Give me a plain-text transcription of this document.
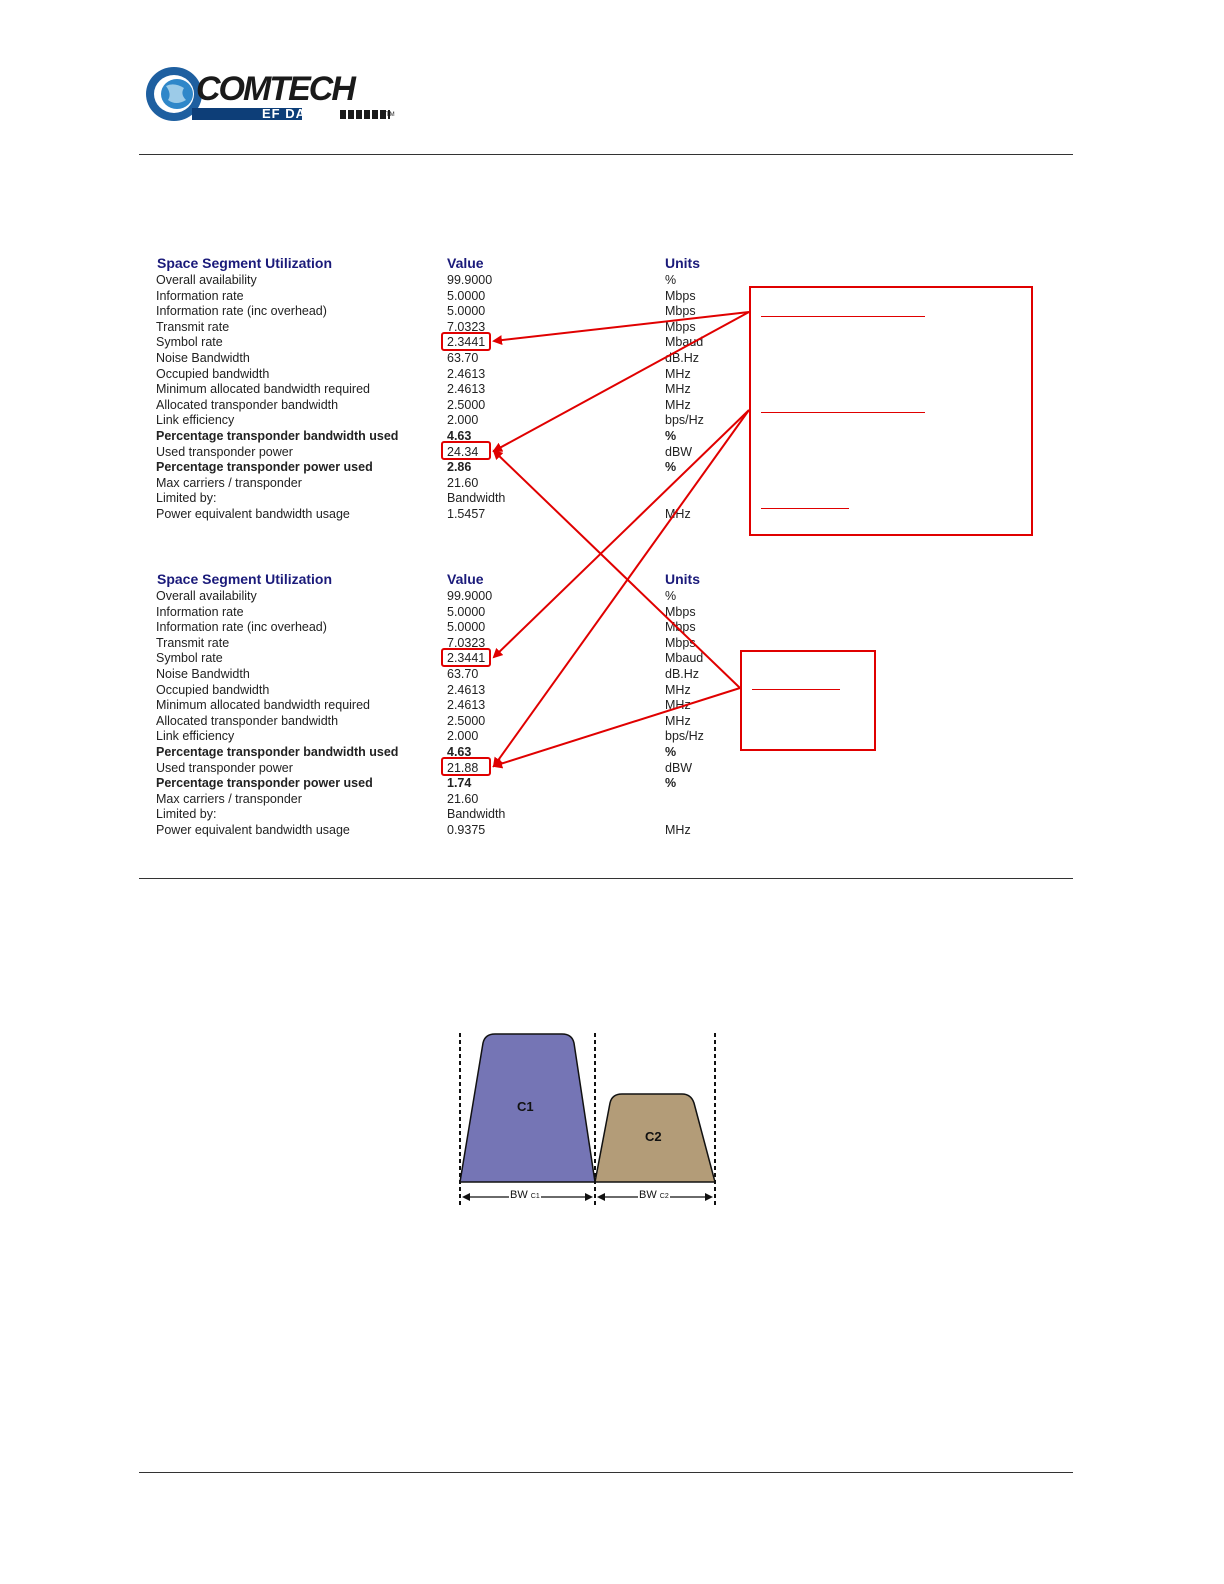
COMTECH
EF DATA	TM
Space Segment Utilization	Value	Units
Overall availability	99.9000	%
Information rate	5.0000	Mbps
Information rate (inc overhead)	5.0000	Mbps
Transmit rate	7.0323	Mbps
Symbol rate	2.3441	Mbaud
Noise Bandwidth	63.70	dB.Hz
Occupied bandwidth	2.4613	MHz
Minimum allocated bandwidth required	2.4613	MHz
Allocated transponder bandwidth	2.5000	MHz
Link efficiency	2.000	bps/Hz
Percentage transponder bandwidth used	4.63	%
Used transponder power	24.34	dBW
Percentage transponder power used	2.86	%
Max carriers / transponder	21.60
Limited by:	Bandwidth
Power equivalent bandwidth usage	1.5457	MHz
Space Segment Utilization	Value	Units
Overall availability	99.9000	%
Information rate	5.0000	Mbps
Information rate (inc overhead)	5.0000	Mbps
Transmit rate	7.0323	Mbps
Symbol rate	2.3441	Mbaud
Noise Bandwidth	63.70	dB.Hz
Occupied bandwidth	2.4613	MHz
Minimum allocated bandwidth required	2.4613	MHz
Allocated transponder bandwidth	2.5000	MHz
Link efficiency	2.000	bps/Hz
Percentage transponder bandwidth used	4.63	%
Used transponder power	21.88	dBW
Percentage transponder power used	1.74	%
Max carriers / transponder	21.60
Limited by:	Bandwidth
Power equivalent bandwidth usage	0.9375	MHz
C1
C2
BW C1	BW C2
